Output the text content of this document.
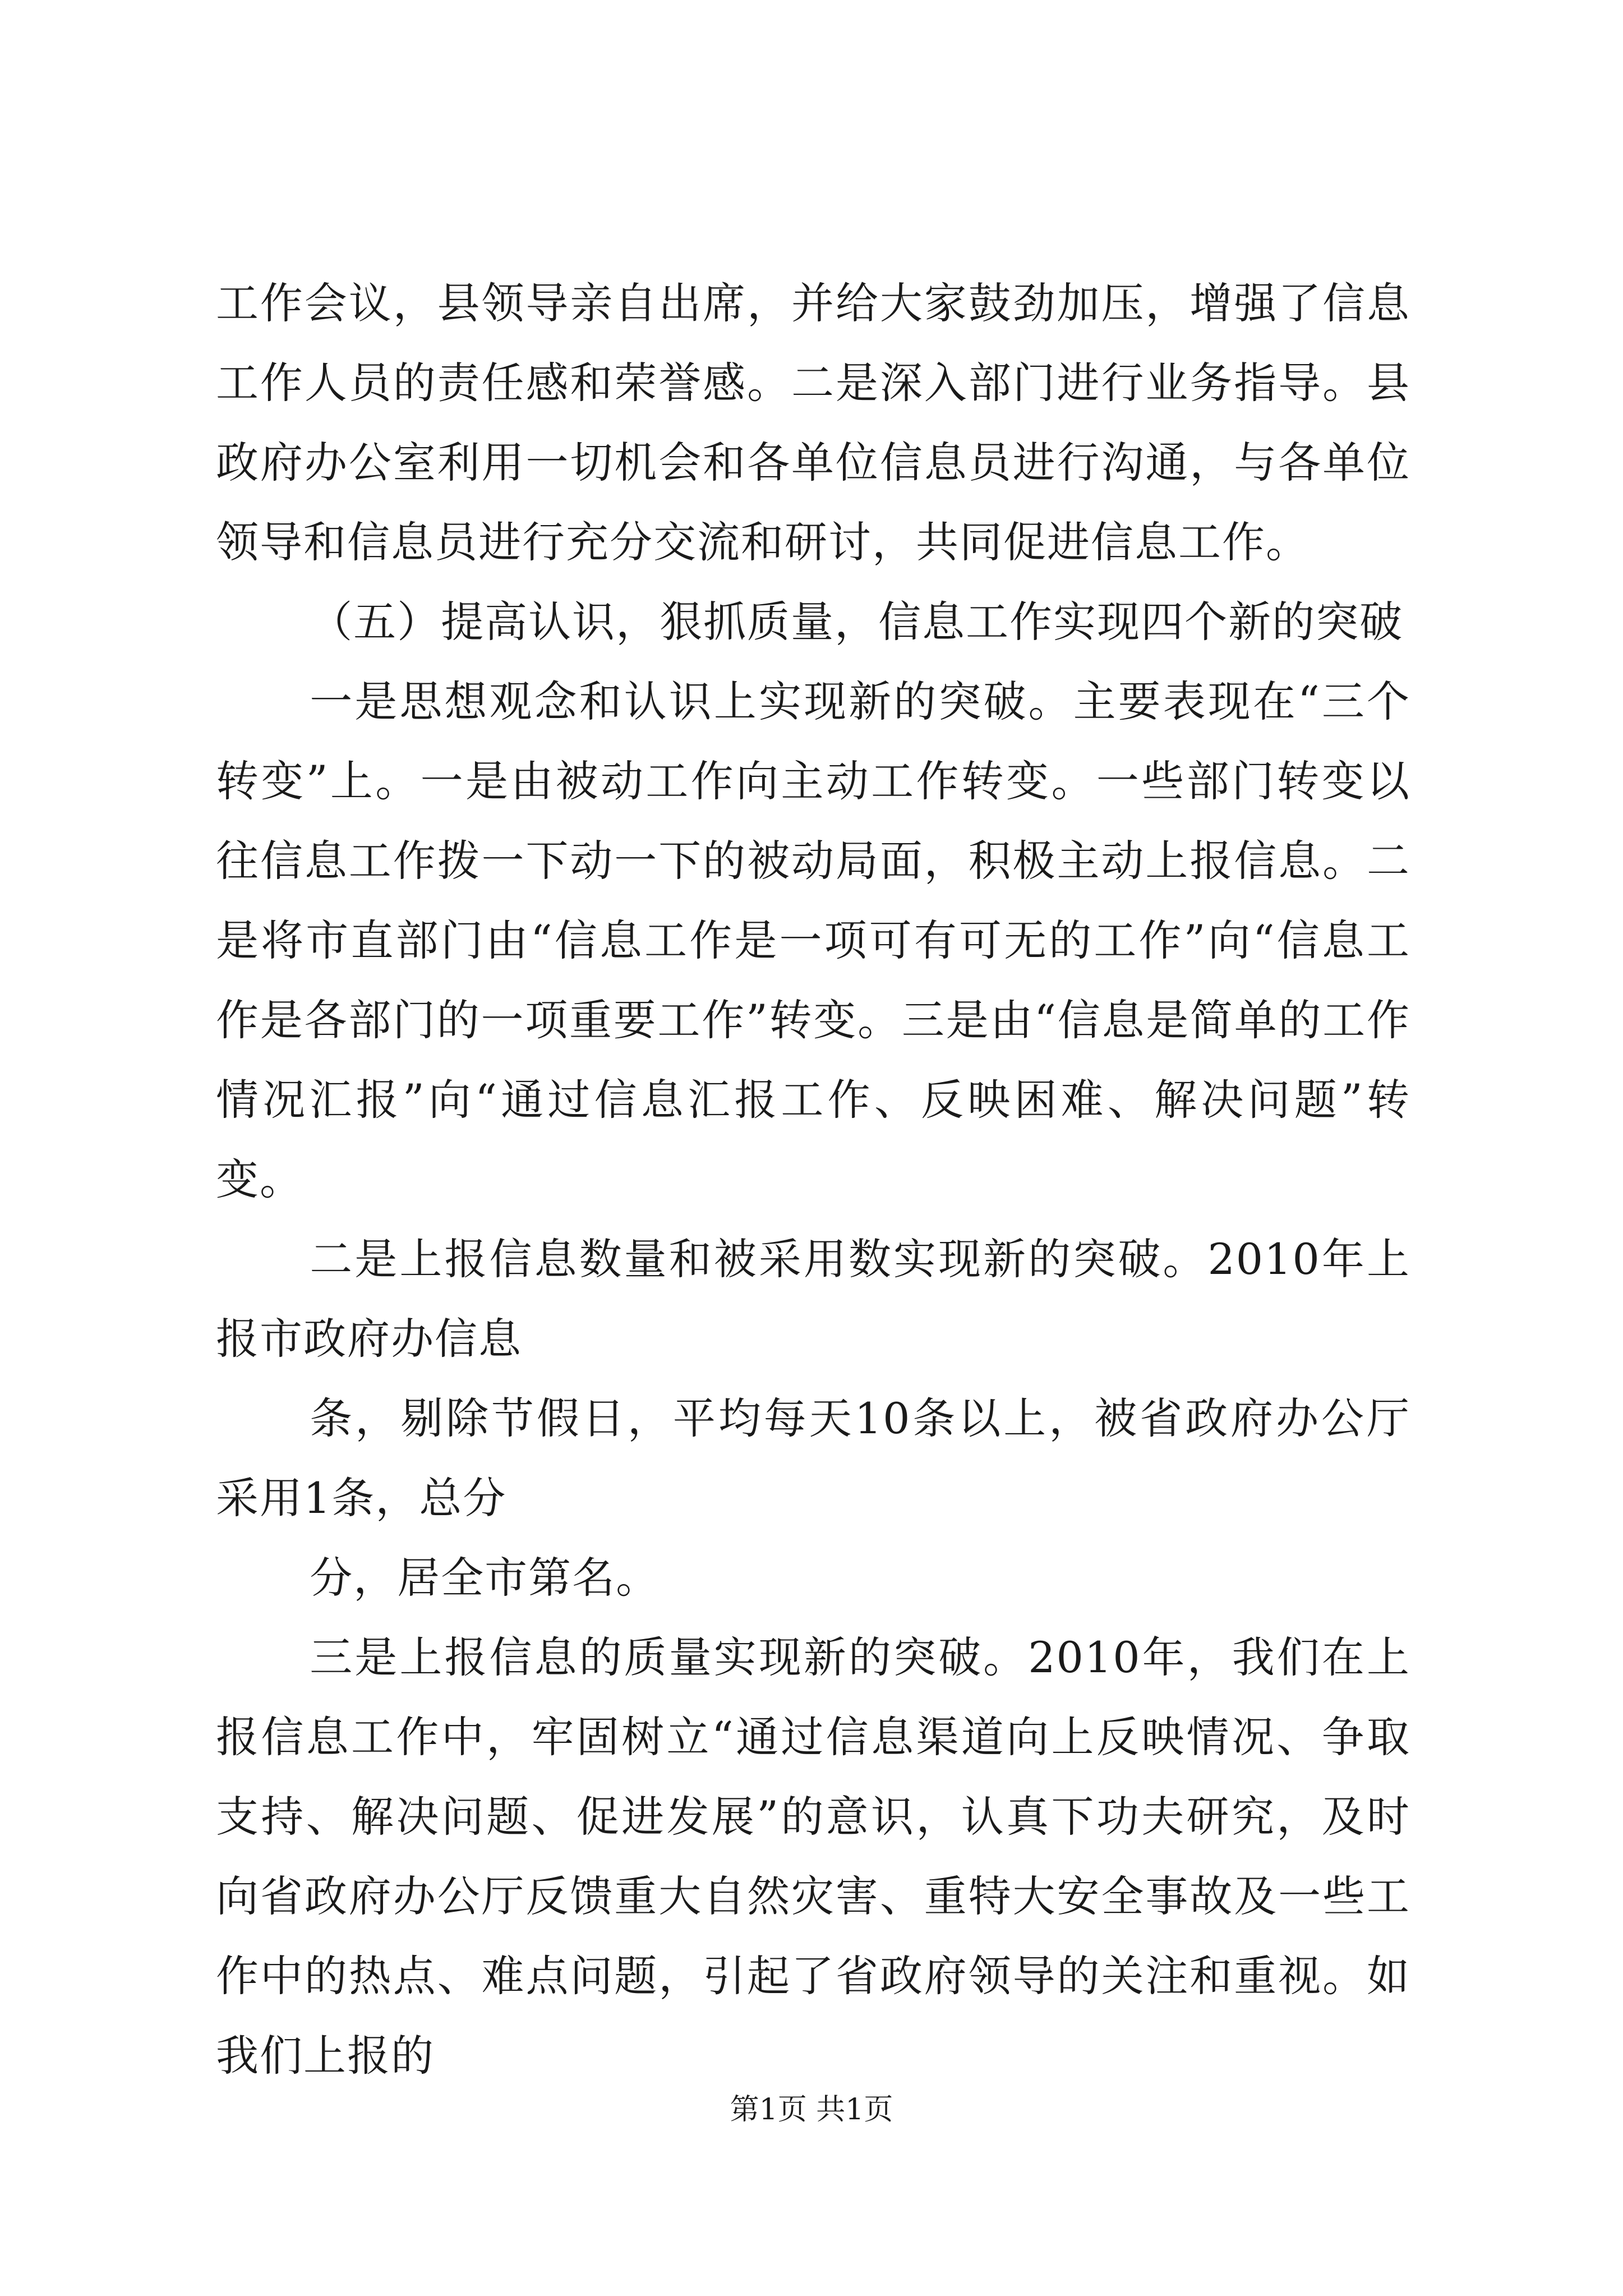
工作会议，县领导亲自出席，并给大家鼓劲加压，增强了信息工作人员的责任感和荣誉感。二是深入部门进行业务指导。县政府办公室利用一切机会和各单位信息员进行沟通，与各单位领导和信息员进行充分交流和研讨，共同促进信息工作。

（五）提高认识，狠抓质量，信息工作实现四个新的突破

一是思想观念和认识上实现新的突破。主要表现在“三个转变”上。一是由被动工作向主动工作转变。一些部门转变以往信息工作拨一下动一下的被动局面，积极主动上报信息。二是将市直部门由“信息工作是一项可有可无的工作”向“信息工作是各部门的一项重要工作”转变。三是由“信息是简单的工作情况汇报”向“通过信息汇报工作、反映困难、解决问题”转变。

二是上报信息数量和被采用数实现新的突破。2010年上报市政府办信息

条，剔除节假日，平均每天10条以上，被省政府办公厅采用1条，总分

分，居全市第名。

三是上报信息的质量实现新的突破。2010年，我们在上报信息工作中，牢固树立“通过信息渠道向上反映情况、争取支持、解决问题、促进发展”的意识，认真下功夫研究，及时向省政府办公厅反馈重大自然灾害、重特大安全事故及一些工作中的热点、难点问题，引起了省政府领导的关注和重视。如我们上报的

第1页 共1页
